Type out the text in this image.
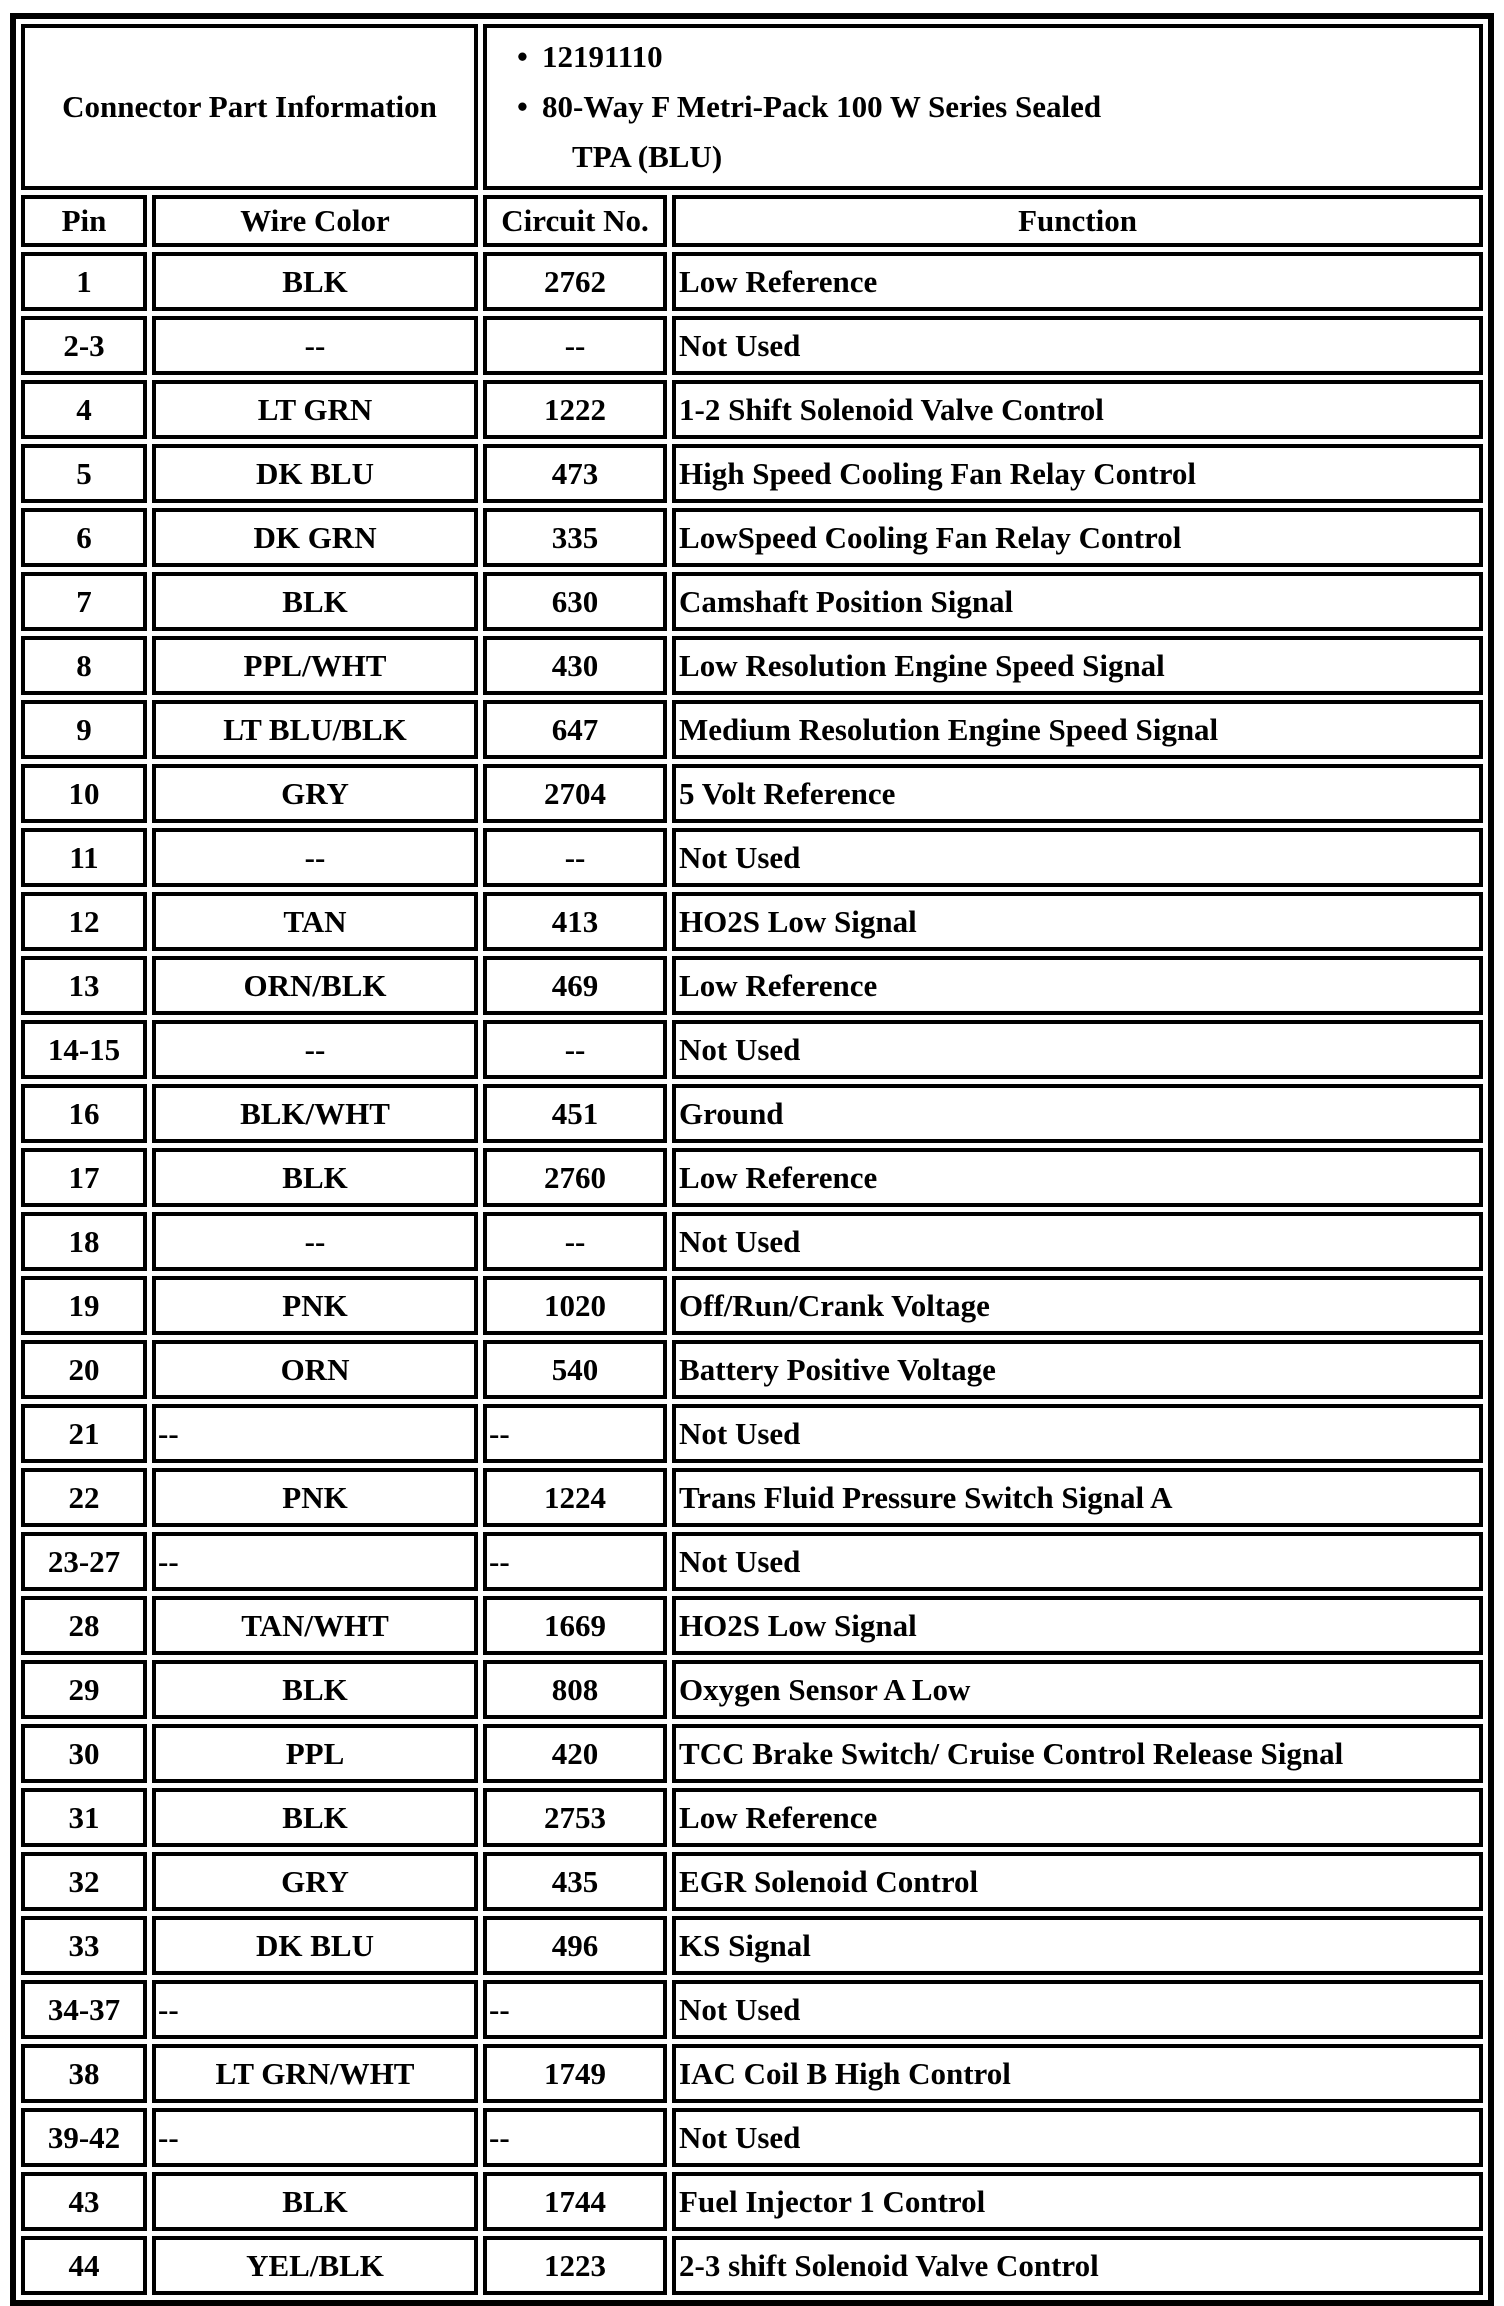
Connector Part Information		• 12191110
• 80-Way F Metri-Pack 100 W Series Sealed
TPA (BLU)	

Pin	Wire Color	Circuit No.	Function
1	BLK	2762	Low Reference
2-3	--	--	Not Used
4	LT GRN	1222	1-2 Shift Solenoid Valve Control
5	DK BLU	473	High Speed Cooling Fan Relay Control
6	DK GRN	335	LowSpeed Cooling Fan Relay Control
7	BLK	630	Camshaft Position Signal
8	PPL/WHT	430	Low Resolution Engine Speed Signal
9	LT BLU/BLK	647	Medium Resolution Engine Speed Signal
10	GRY	2704	5 Volt Reference
11	--	--	Not Used
12	TAN	413	HO2S Low Signal
13	ORN/BLK	469	Low Reference
14-15	--	--	Not Used
16	BLK/WHT	451	Ground
17	BLK	2760	Low Reference
18	--	--	Not Used
19	PNK	1020	Off/Run/Crank Voltage
20	ORN	540	Battery Positive Voltage
21	--	--	Not Used
22	PNK	1224	Trans Fluid Pressure Switch Signal A
23-27	--	--	Not Used
28	TAN/WHT	1669	HO2S Low Signal
29	BLK	808	Oxygen Sensor A Low
30	PPL	420	TCC Brake Switch/ Cruise Control Release Signal
31	BLK	2753	Low Reference
32	GRY	435	EGR Solenoid Control
33	DK BLU	496	KS Signal
34-37	--	--	Not Used
38	LT GRN/WHT	1749	IAC Coil B High Control
39-42	--	--	Not Used
43	BLK	1744	Fuel Injector 1 Control
44	YEL/BLK	1223	2-3 shift Solenoid Valve Control
